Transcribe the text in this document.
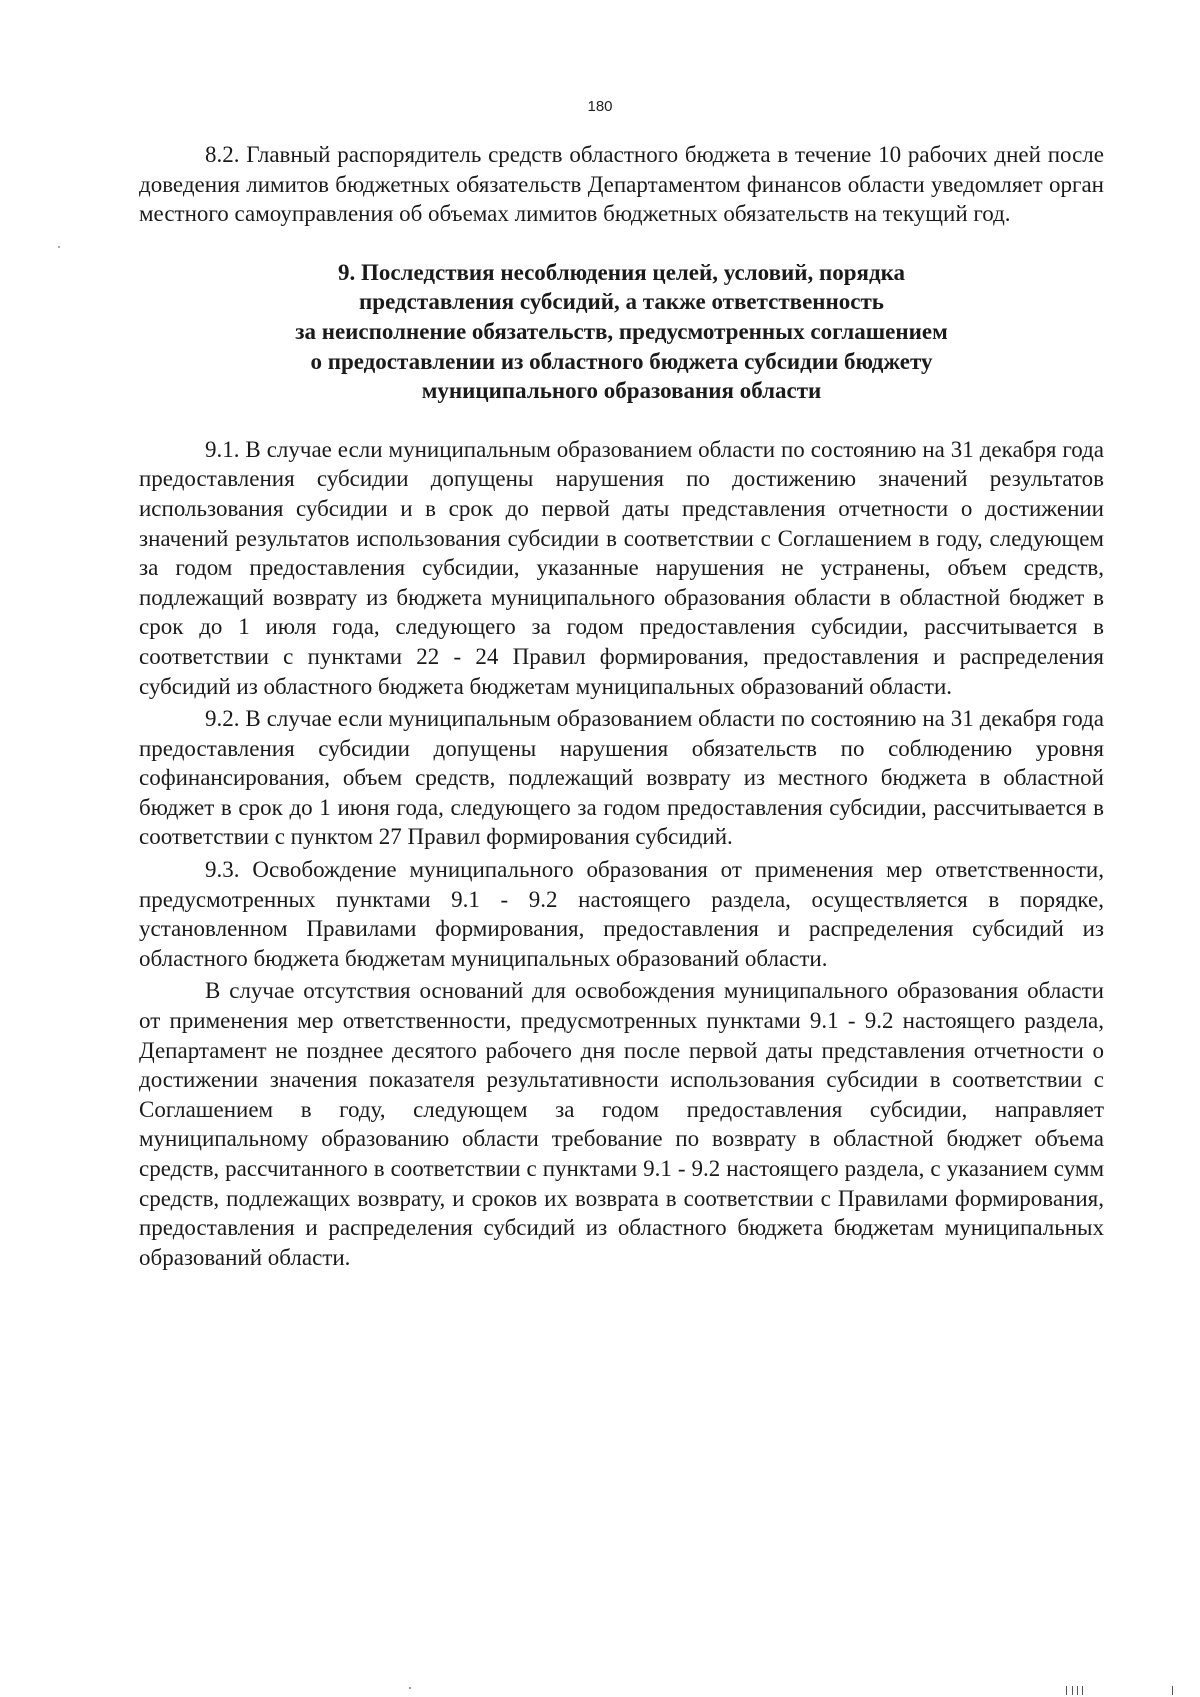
180

8.2. Главный распорядитель средств областного бюджета в течение 10 рабочих дней после доведения лимитов бюджетных обязательств Департаментом финансов области уведомляет орган местного самоуправления об объемах лимитов бюджетных обязательств на текущий год.

9. Последствия несоблюдения целей, условий, порядка
представления субсидий, а также ответственность
за неисполнение обязательств, предусмотренных соглашением
о предоставлении из областного бюджета субсидии бюджету
муниципального образования области

9.1. В случае если муниципальным образованием области по состоянию на 31 декабря года предоставления субсидии допущены нарушения по достижению значений результатов использования субсидии и в срок до первой даты представления отчетности о достижении значений результатов использования субсидии в соответствии с Соглашением в году, следующем за годом предоставления субсидии, указанные нарушения не устранены, объем средств, подлежащий возврату из бюджета муниципального образования области в областной бюджет в срок до 1 июля года, следующего за годом предоставления субсидии, рассчитывается в соответствии с пунктами 22 - 24 Правил формирования, предоставления и распределения субсидий из областного бюджета бюджетам муниципальных образований области.

9.2. В случае если муниципальным образованием области по состоянию на 31 декабря года предоставления субсидии допущены нарушения обязательств по соблюдению уровня софинансирования, объем средств, подлежащий возврату из местного бюджета в областной бюджет в срок до 1 июня года, следующего за годом предоставления субсидии, рассчитывается в соответствии с пунктом 27 Правил формирования субсидий.

9.3. Освобождение муниципального образования от применения мер ответственности, предусмотренных пунктами 9.1 - 9.2 настоящего раздела, осуществляется в порядке, установленном Правилами формирования, предоставления и распределения субсидий из областного бюджета бюджетам муниципальных образований области.

В случае отсутствия оснований для освобождения муниципального образования области от применения мер ответственности, предусмотренных пунктами 9.1 - 9.2 настоящего раздела, Департамент не позднее десятого рабочего дня после первой даты представления отчетности о достижении значения показателя результативности использования субсидии в соответствии с Соглашением в году, следующем за годом предоставления субсидии, направляет муниципальному образованию области требование по возврату в областной бюджет объема средств, рассчитанного в соответствии с пунктами 9.1 - 9.2 настоящего раздела, с указанием сумм средств, подлежащих возврату, и сроков их возврата в соответствии с Правилами формирования, предоставления и распределения субсидий из областного бюджета бюджетам муниципальных образований области.
